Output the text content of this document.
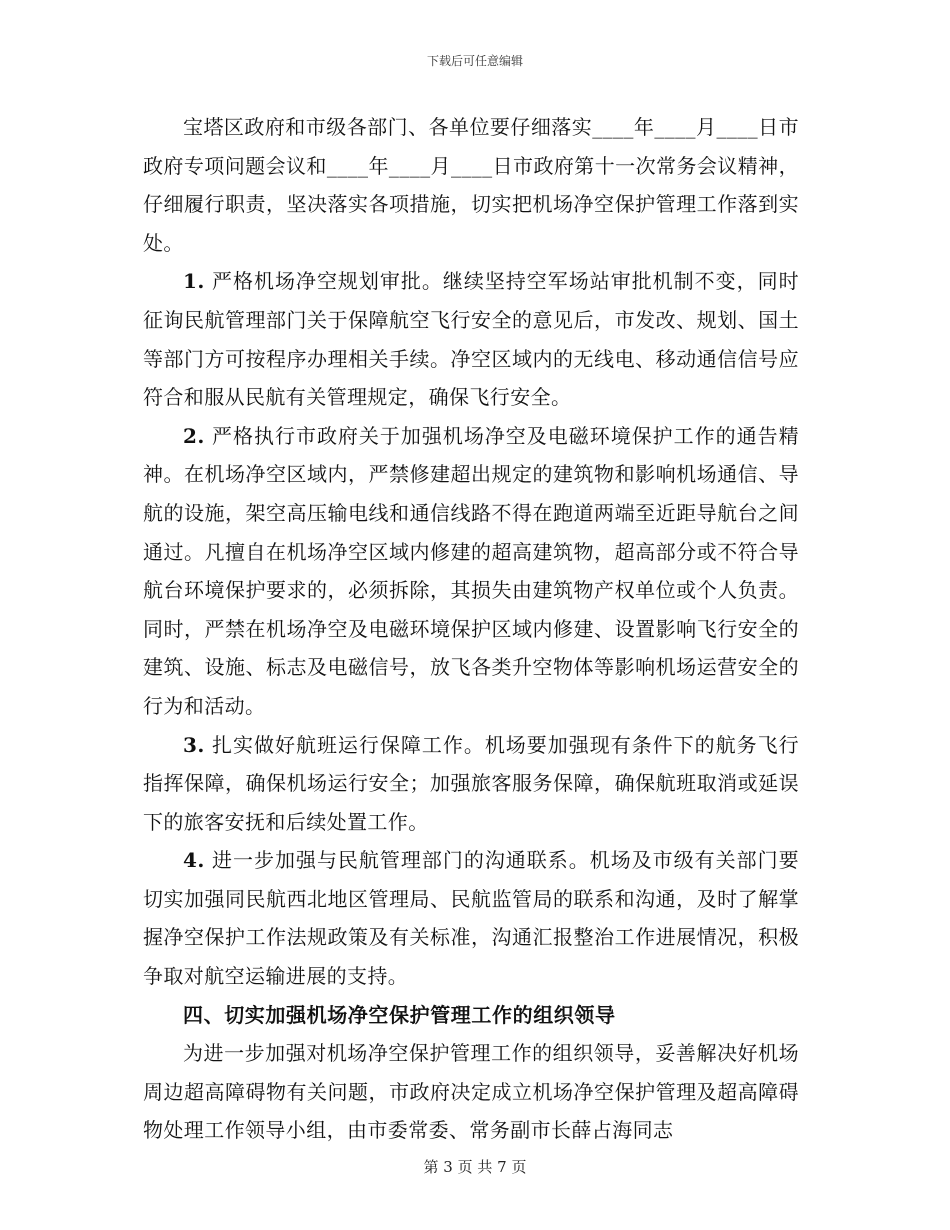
下载后可任意编辑

宝塔区政府和市级各部门、各单位要仔细落实____年____月____日市政府专项问题会议和____年____月____日市政府第十一次常务会议精神，仔细履行职责，坚决落实各项措施，切实把机场净空保护管理工作落到实处。

1. 严格机场净空规划审批。继续坚持空军场站审批机制不变，同时征询民航管理部门关于保障航空飞行安全的意见后，市发改、规划、国土等部门方可按程序办理相关手续。净空区域内的无线电、移动通信信号应符合和服从民航有关管理规定，确保飞行安全。

2. 严格执行市政府关于加强机场净空及电磁环境保护工作的通告精神。在机场净空区域内，严禁修建超出规定的建筑物和影响机场通信、导航的设施，架空高压输电线和通信线路不得在跑道两端至近距导航台之间通过。凡擅自在机场净空区域内修建的超高建筑物，超高部分或不符合导航台环境保护要求的，必须拆除，其损失由建筑物产权单位或个人负责。同时，严禁在机场净空及电磁环境保护区域内修建、设置影响飞行安全的建筑、设施、标志及电磁信号，放飞各类升空物体等影响机场运营安全的行为和活动。

3. 扎实做好航班运行保障工作。机场要加强现有条件下的航务飞行指挥保障，确保机场运行安全；加强旅客服务保障，确保航班取消或延误下的旅客安抚和后续处置工作。

4. 进一步加强与民航管理部门的沟通联系。机场及市级有关部门要切实加强同民航西北地区管理局、民航监管局的联系和沟通，及时了解掌握净空保护工作法规政策及有关标准，沟通汇报整治工作进展情况，积极争取对航空运输进展的支持。

四、切实加强机场净空保护管理工作的组织领导

为进一步加强对机场净空保护管理工作的组织领导，妥善解决好机场周边超高障碍物有关问题，市政府决定成立机场净空保护管理及超高障碍物处理工作领导小组，由市委常委、常务副市长薛占海同志

第 3 页 共 7 页
